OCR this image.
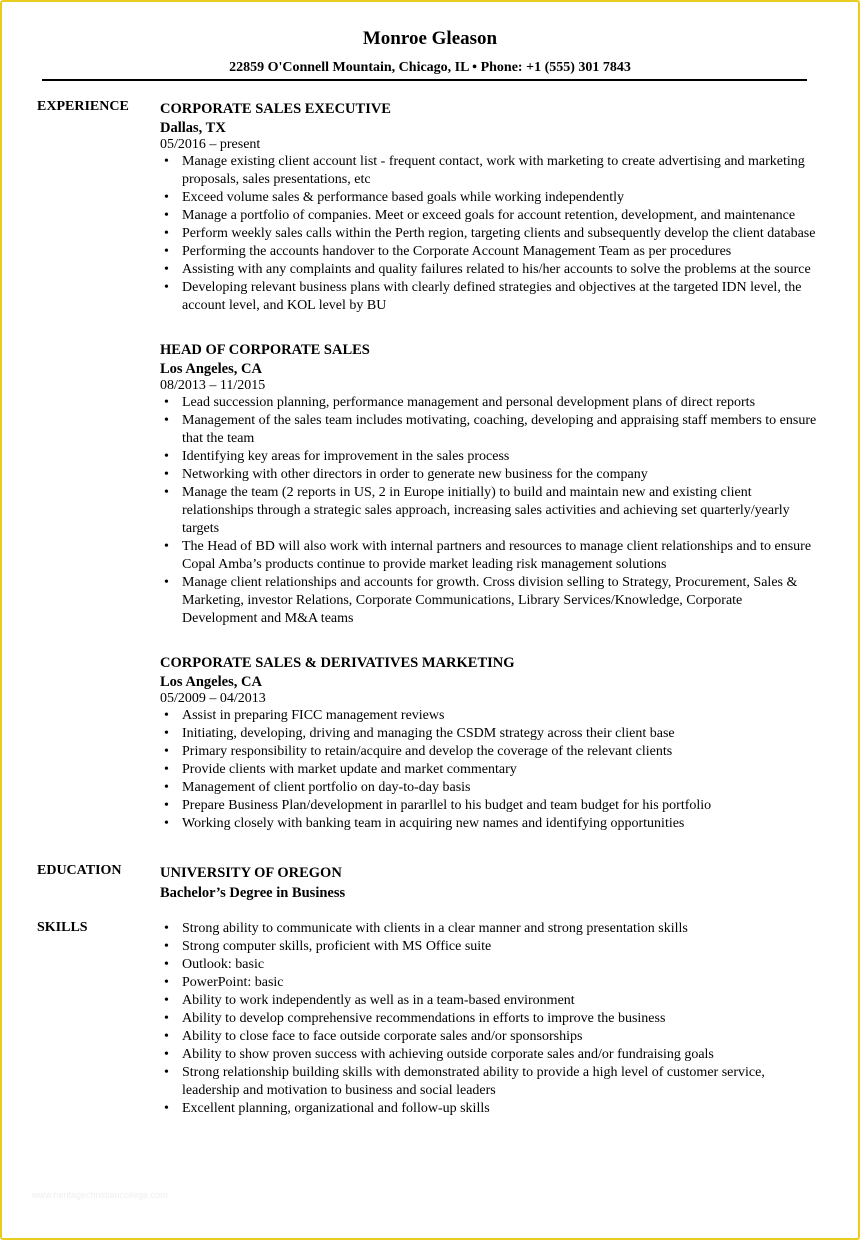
Monroe Gleason
22859 O'Connell Mountain, Chicago, IL • Phone: +1 (555) 301 7843
EXPERIENCE CORPORATE SALES EXECUTIVE
Dallas, TX
05/2016 – present
• Manage existing client account list - frequent contact, work with marketing to create advertising and marketing proposals, sales presentations, etc
• Exceed volume sales & performance based goals while working independently
• Manage a portfolio of companies. Meet or exceed goals for account retention, development, and maintenance
• Perform weekly sales calls within the Perth region, targeting clients and subsequently develop the client database
• Performing the accounts handover to the Corporate Account Management Team as per procedures
• Assisting with any complaints and quality failures related to his/her accounts to solve the problems at the source
• Developing relevant business plans with clearly defined strategies and objectives at the targeted IDN level, the account level, and KOL level by BU
HEAD OF CORPORATE SALES
Los Angeles, CA
08/2013 – 11/2015
• Lead succession planning, performance management and personal development plans of direct reports
• Management of the sales team includes motivating, coaching, developing and appraising staff members to ensure that the team
• Identifying key areas for improvement in the sales process
• Networking with other directors in order to generate new business for the company
• Manage the team (2 reports in US, 2 in Europe initially) to build and maintain new and existing client relationships through a strategic sales approach, increasing sales activities and achieving set quarterly/yearly targets
• The Head of BD will also work with internal partners and resources to manage client relationships and to ensure Copal Amba’s products continue to provide market leading risk management solutions
• Manage client relationships and accounts for growth. Cross division selling to Strategy, Procurement, Sales & Marketing, investor Relations, Corporate Communications, Library Services/Knowledge, Corporate Development and M&A teams
CORPORATE SALES & DERIVATIVES MARKETING
Los Angeles, CA
05/2009 – 04/2013
• Assist in preparing FICC management reviews
• Initiating, developing, driving and managing the CSDM strategy across their client base
• Primary responsibility to retain/acquire and develop the coverage of the relevant clients
• Provide clients with market update and market commentary
• Management of client portfolio on day-to-day basis
• Prepare Business Plan/development in pararllel to his budget and team budget for his portfolio
• Working closely with banking team in acquiring new names and identifying opportunities
EDUCATION	UNIVERSITY OF OREGON
Bachelor’s Degree in Business
SKILLS
•	Strong ability to communicate with clients in a clear manner and strong presentation skills
• Strong computer skills, proficient with MS Office suite
• Outlook: basic
• PowerPoint: basic
• Ability to work independently as well as in a team-based environment
• Ability to develop comprehensive recommendations in efforts to improve the business
• Ability to close face to face outside corporate sales and/or sponsorships
• Ability to show proven success with achieving outside corporate sales and/or fundraising goals
• Strong relationship building skills with demonstrated ability to provide a high level of customer service, leadership and motivation to business and social leaders
• Excellent planning, organizational and follow-up skills
www.heritagechristiancollege.com
